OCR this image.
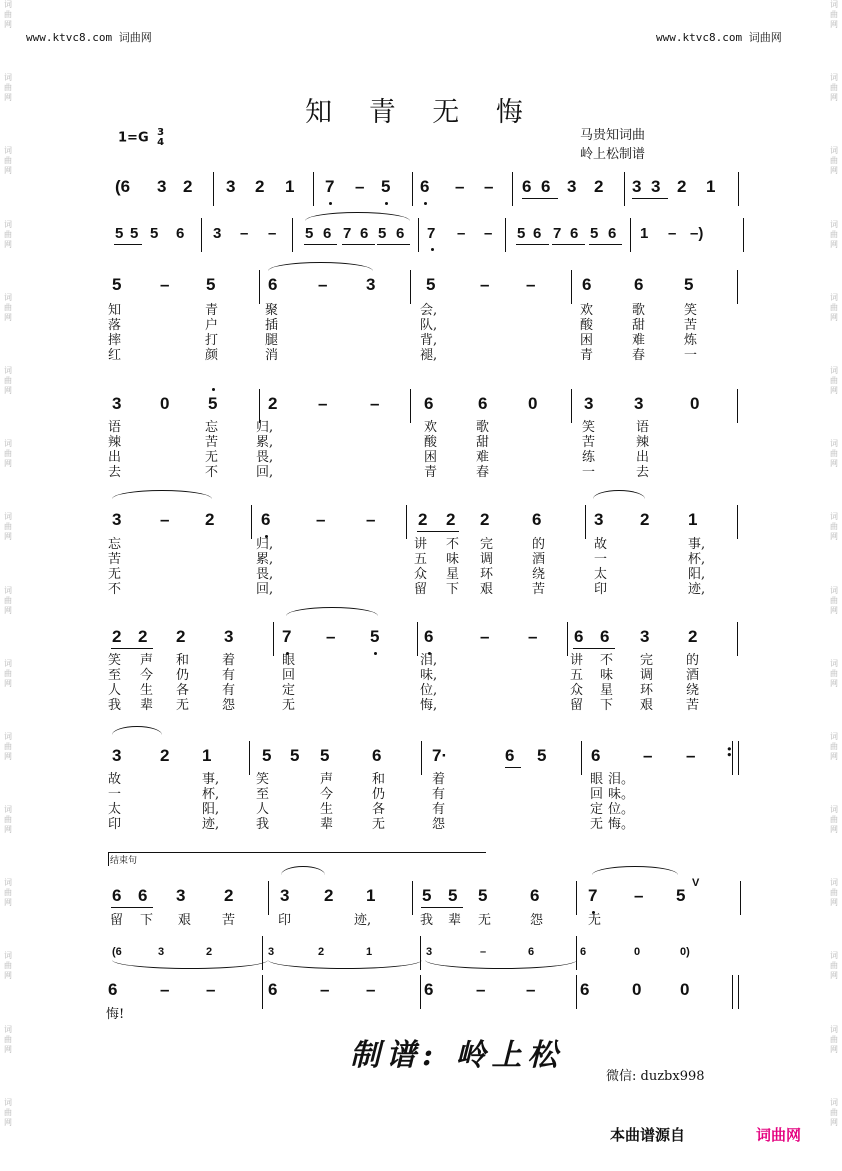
词
曲
网
词
曲
网
词
曲
网
词
曲
网
词
曲
网
词
曲
网
词
曲
网
词
曲
网
词
曲
网
词
曲
网
词
曲
网
词
曲
网
词
曲
网
词
曲
网
词
曲
网
词
曲
网
词
曲
网
词
曲
网
词
曲
网
词
曲
网
词
曲
网
词
曲
网
词
曲
网
词
曲
网
词
曲
网
词
曲
网
词
曲
网
词
曲
网
词
曲
网
词
曲
网
词
曲
网
词
曲
网
www.ktvc8.com 词曲网	www.ktvc8.com 词曲网
知 青 无 悔
1=G 3
4	马贵知词曲
岭上松制谱
(6 3 2 3 2 1 7 – 5 6 – – 6 6 3 2 3 3 2 1
5 5 5 6 3 – – 5 6 7 6 5 6 7 – – 5 6 7 6 5 6 1 – –)
5 – 5	6 – 3	5	– –	6	6 5
知	青	聚	会,	欢	歌	笑
落	户	插	队,	酸	甜	苦
摔	打	腿	背,	困	难	炼
红	颜	消	褪,	青	春	一
3 0 5	2 –	–	6	6 0	3 3	0
语	忘	归,	欢	歌	笑	语
辣	苦	累,	酸	甜	苦	辣
出	无	畏,	困	难	练	出
去	不	回,	青	春	一	去
3 – 2	6	– –	2 2 2	6	3 2 1
忘	归,	讲 不 完	的	故	事,
苦	累,	五 味 调	酒	一	杯,
无	畏,	众 星 环	绕	太	阳,
不	回,	留 下 艰	苦	印	迹,
2 2 2 3	7 – 5	6	– – 6 6 3 2
笑 声 和	着	眼	泪,	讲 不 完	的
至 今 仍	有	回	味,	五 味 调	酒
人 生 各	有	定	位,	众 星 环	绕
我 辈 无	怨	无	悔,	留 下 艰	苦
3 2 1	5 5 5	6	7·	6 5	6	– – :
故	事,	笑	声	和	着	眼 泪。
一	杯,	至	今	仍	有	回 味。
太	阳,	人	生	各	有	定 位。
印	迹,	我	辈	无	怨	无 悔。
6 6 3 2	3 2 1	5 5 5	6	7 – 5
V
留 下 艰 苦	印	迹,	我 辈 无	怨	无
(6	3	2	3	2	1	3	–	6	6	0	0)
6	– –	6	– –	6	– –	6	0 0
悔!
结束句
制谱: 岭上松
微信: duzbx998
本曲谱源自	词曲网
